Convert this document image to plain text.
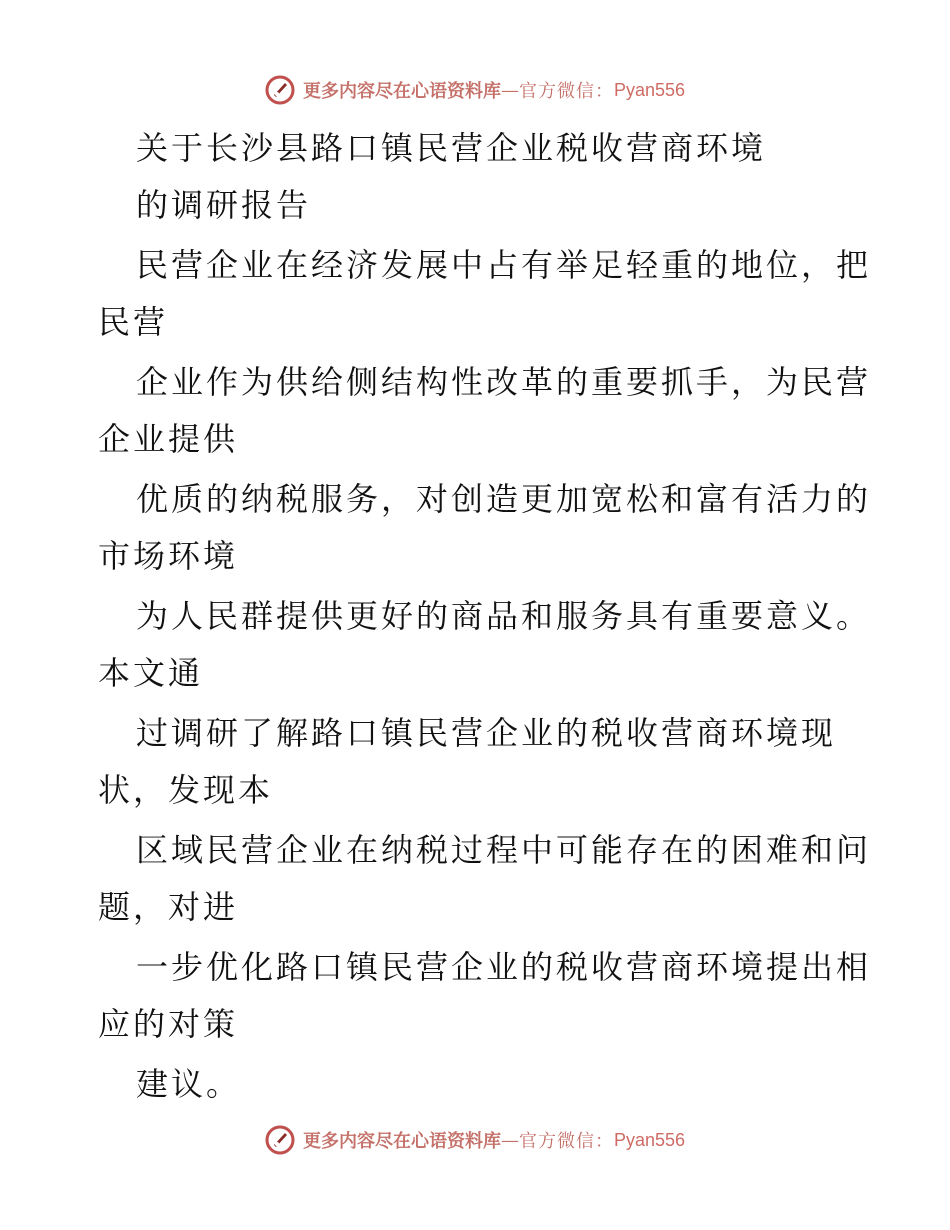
更多内容尽在心语资料库 — 官方微信： Pyan556
关于长沙县路口镇民营企业税收营商环境
的调研报告
民营企业在经济发展中占有举足轻重的地位，把
民营
企业作为供给侧结构性改革的重要抓手，为民营
企业提供
优质的纳税服务，对创造更加宽松和富有活力的
市场环境
为人民群提供更好的商品和服务具有重要意义。
本文通
过调研了解路口镇民营企业的税收营商环境现
状，发现本
区域民营企业在纳税过程中可能存在的困难和问
题，对进
一步优化路口镇民营企业的税收营商环境提出相
应的对策
建议。
更多内容尽在心语资料库 — 官方微信： Pyan556
